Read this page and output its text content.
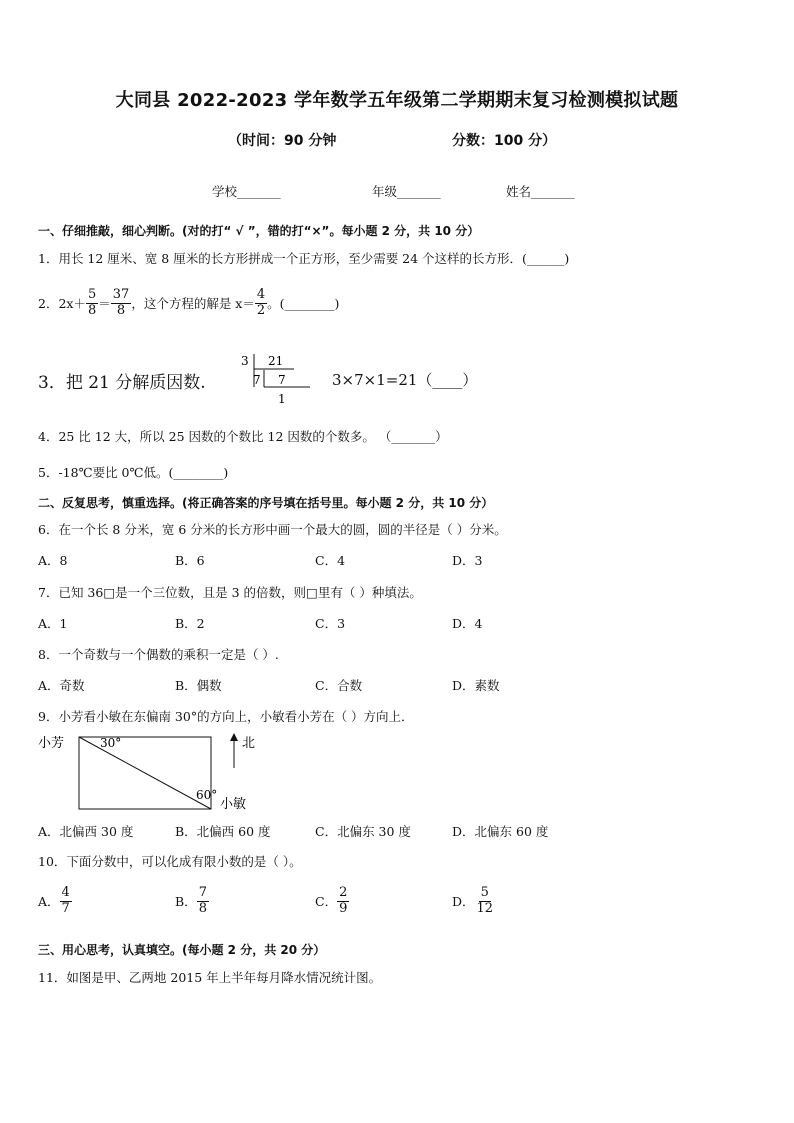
大同县 2022-2023 学年数学五年级第二学期期末复习检测模拟试题
（时间：90 分钟	分数：100 分）
学校_______	年级_______	姓名_______
一、仔细推敲，细心判断。(对的打“ √ ”，错的打“×”。每小题 2 分，共 10 分）
1．用长 12 厘米、宽 8 厘米的长方形拼成一个正方形，至少需要 24 个这样的长方形．(______)
2．$2x+ \frac{5}{8} = \frac{37}{8}$ ，这个方程的解是 $x= \frac{4}{2}$ 。(________)
3．把 21 分解质因数.
3 21
7 7
1
3×7×1=21（____）
4．25 比 12 大，所以 25 因数的个数比 12 因数的个数多。 （_______）
5．-18℃要比 0℃低。(________)
二、反复思考，慎重选择。(将正确答案的序号填在括号里。每小题 2 分，共 10 分）
6．在一个长 8 分米，宽 6 分米的长方形中画一个最大的圆，圆的半径是（ ）分米。
A．8	B．6	C．4	D．3
7．已知 36□是一个三位数，且是 3 的倍数，则□里有（ ）种填法。
A．1	B．2	C．3	D．4
8．一个奇数与一个偶数的乘积一定是（ ）.
A．奇数	B．偶数	C．合数	D．素数
9．小芳看小敏在东偏南 30°的方向上，小敏看小芳在（ ）方向上．
小芳	30°	北
60°
小敏
A．北偏西 30 度	B．北偏西 60 度	C．北偏东 30 度	D．北偏东 60 度
10．下面分数中，可以化成有限小数的是（ ）。
A． $\frac{4}{7}$	B． $\frac{7}{8}$	C． $\frac{2}{9}$	D． $\frac{5}{12}$
三、用心思考，认真填空。(每小题 2 分，共 20 分）
11．如图是甲、乙两地 2015 年上半年每月降水情况统计图。
